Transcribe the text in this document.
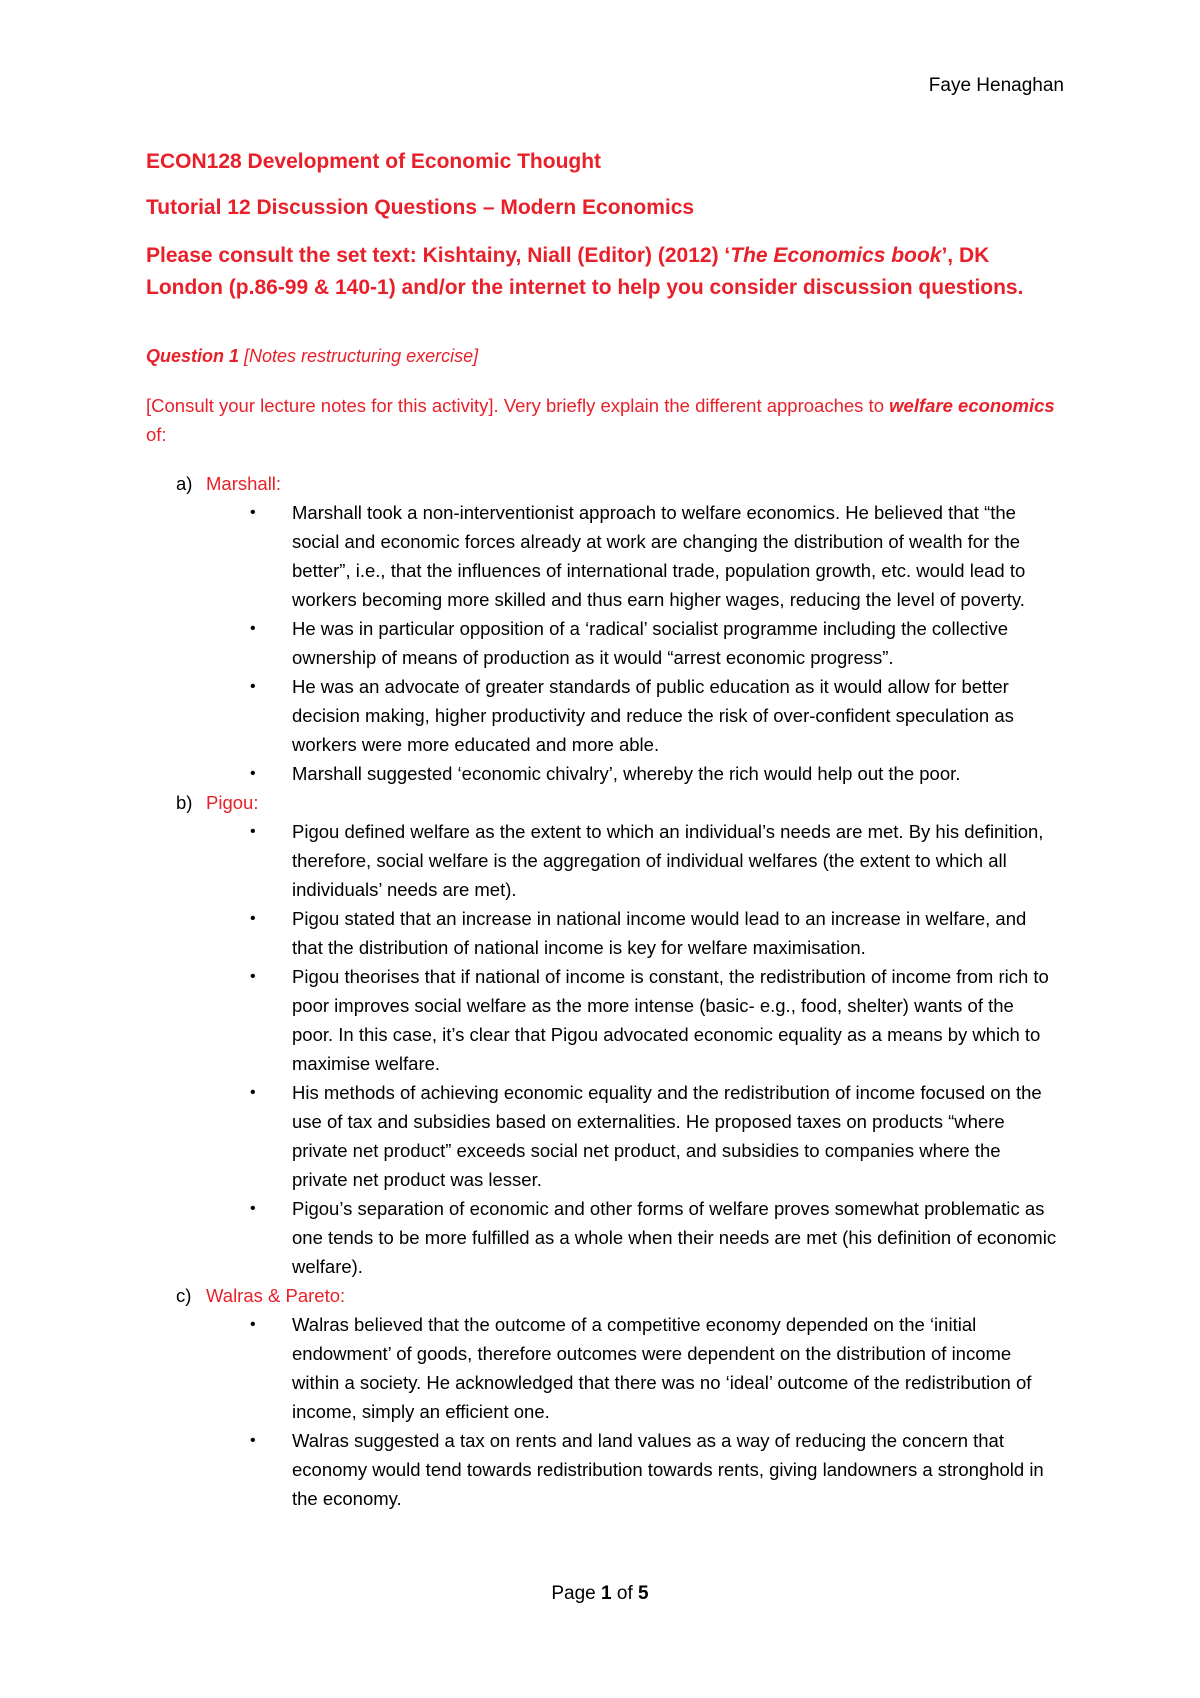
Faye Henaghan
ECON128 Development of Economic Thought
Tutorial 12 Discussion Questions – Modern Economics
Please consult the set text: Kishtainy, Niall (Editor) (2012) ‘The Economics book’, DK London (p.86-99 & 140-1) and/or the internet to help you consider discussion questions.
Question 1 [Notes restructuring exercise]
[Consult your lecture notes for this activity]. Very briefly explain the different approaches to welfare economics of:
a) Marshall:
• Marshall took a non-interventionist approach to welfare economics. He believed that “the social and economic forces already at work are changing the distribution of wealth for the better”, i.e., that the influences of international trade, population growth, etc. would lead to workers becoming more skilled and thus earn higher wages, reducing the level of poverty.
• He was in particular opposition of a ‘radical’ socialist programme including the collective ownership of means of production as it would “arrest economic progress”.
• He was an advocate of greater standards of public education as it would allow for better decision making, higher productivity and reduce the risk of over-confident speculation as workers were more educated and more able.
• Marshall suggested ‘economic chivalry’, whereby the rich would help out the poor.
b) Pigou:
• Pigou defined welfare as the extent to which an individual’s needs are met. By his definition, therefore, social welfare is the aggregation of individual welfares (the extent to which all individuals’ needs are met).
• Pigou stated that an increase in national income would lead to an increase in welfare, and that the distribution of national income is key for welfare maximisation.
• Pigou theorises that if national of income is constant, the redistribution of income from rich to poor improves social welfare as the more intense (basic- e.g., food, shelter) wants of the poor. In this case, it’s clear that Pigou advocated economic equality as a means by which to maximise welfare.
• His methods of achieving economic equality and the redistribution of income focused on the use of tax and subsidies based on externalities. He proposed taxes on products “where private net product” exceeds social net product, and subsidies to companies where the private net product was lesser.
• Pigou’s separation of economic and other forms of welfare proves somewhat problematic as one tends to be more fulfilled as a whole when their needs are met (his definition of economic welfare).
c) Walras & Pareto:
• Walras believed that the outcome of a competitive economy depended on the ‘initial endowment’ of goods, therefore outcomes were dependent on the distribution of income within a society. He acknowledged that there was no ‘ideal’ outcome of the redistribution of income, simply an efficient one.
• Walras suggested a tax on rents and land values as a way of reducing the concern that economy would tend towards redistribution towards rents, giving landowners a stronghold in the economy.
Page 1 of 5
